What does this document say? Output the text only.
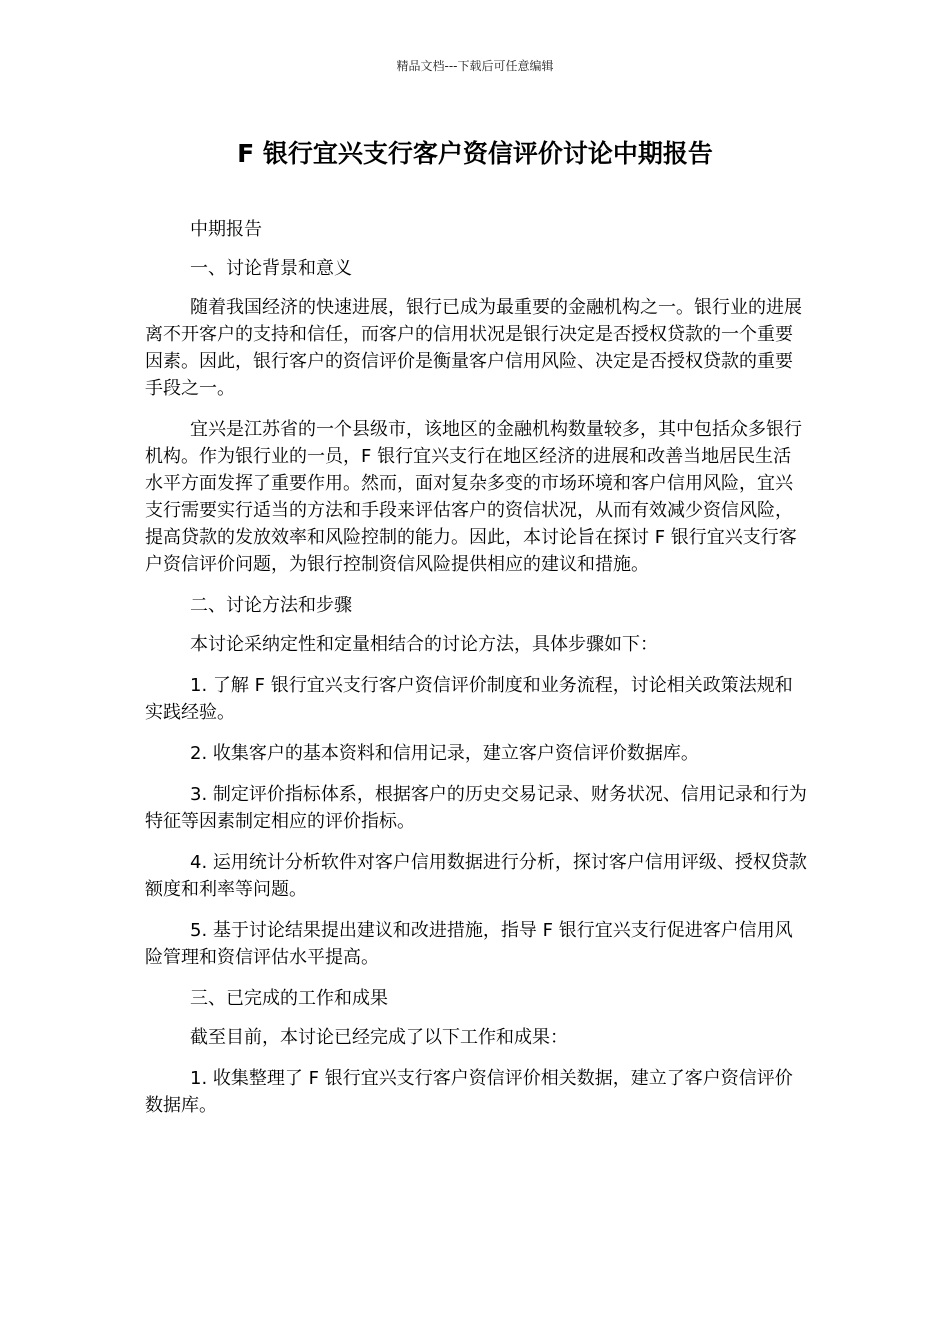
精品文档---下载后可任意编辑
F 银行宜兴支行客户资信评价讨论中期报告

中期报告

一、讨论背景和意义

随着我国经济的快速进展，银行已成为最重要的金融机构之一。银行业的进展离不开客户的支持和信任，而客户的信用状况是银行决定是否授权贷款的一个重要因素。因此，银行客户的资信评价是衡量客户信用风险、决定是否授权贷款的重要手段之一。

宜兴是江苏省的一个县级市，该地区的金融机构数量较多，其中包括众多银行机构。作为银行业的一员，F 银行宜兴支行在地区经济的进展和改善当地居民生活水平方面发挥了重要作用。然而，面对复杂多变的市场环境和客户信用风险，宜兴支行需要实行适当的方法和手段来评估客户的资信状况，从而有效减少资信风险，提高贷款的发放效率和风险控制的能力。因此，本讨论旨在探讨 F 银行宜兴支行客户资信评价问题，为银行控制资信风险提供相应的建议和措施。

二、讨论方法和步骤

本讨论采纳定性和定量相结合的讨论方法，具体步骤如下：

1. 了解 F 银行宜兴支行客户资信评价制度和业务流程，讨论相关政策法规和实践经验。

2. 收集客户的基本资料和信用记录，建立客户资信评价数据库。

3. 制定评价指标体系，根据客户的历史交易记录、财务状况、信用记录和行为特征等因素制定相应的评价指标。

4. 运用统计分析软件对客户信用数据进行分析，探讨客户信用评级、授权贷款额度和利率等问题。

5. 基于讨论结果提出建议和改进措施，指导 F 银行宜兴支行促进客户信用风险管理和资信评估水平提高。

三、已完成的工作和成果

截至目前，本讨论已经完成了以下工作和成果：

1. 收集整理了 F 银行宜兴支行客户资信评价相关数据，建立了客户资信评价数据库。
